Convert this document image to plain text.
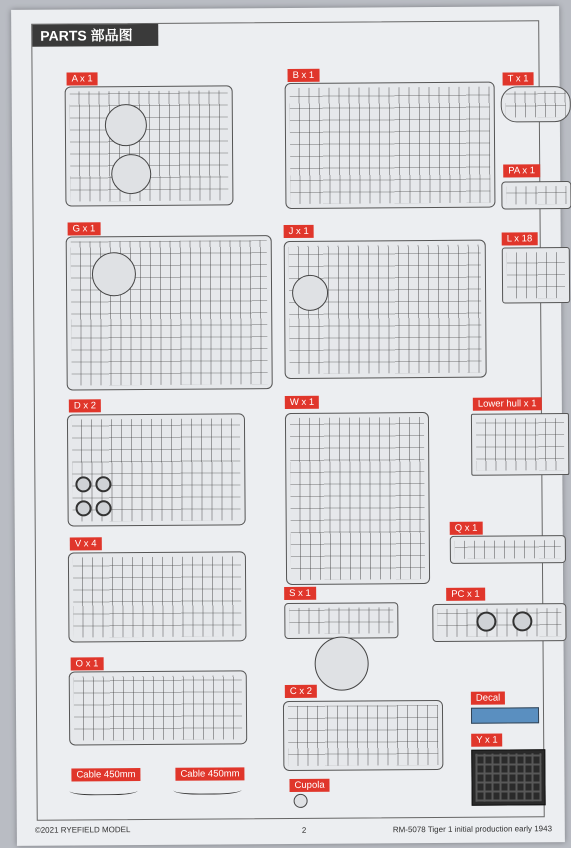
PARTS 部品图
A x 1	B x 1	T x 1
PA x 1
G x 1	J x 1
L x 18
D x 2	W x 1	Lower hull x 1
Q x 1
V x 4
S x 1	PC x 1
O x 1
C x 2
Decal
Y x 1
Cable 450mm	Cable 450mm
Cupola
©2021 RYEFIELD MODEL	2	RM-5078 Tiger 1 initial production early 1943
